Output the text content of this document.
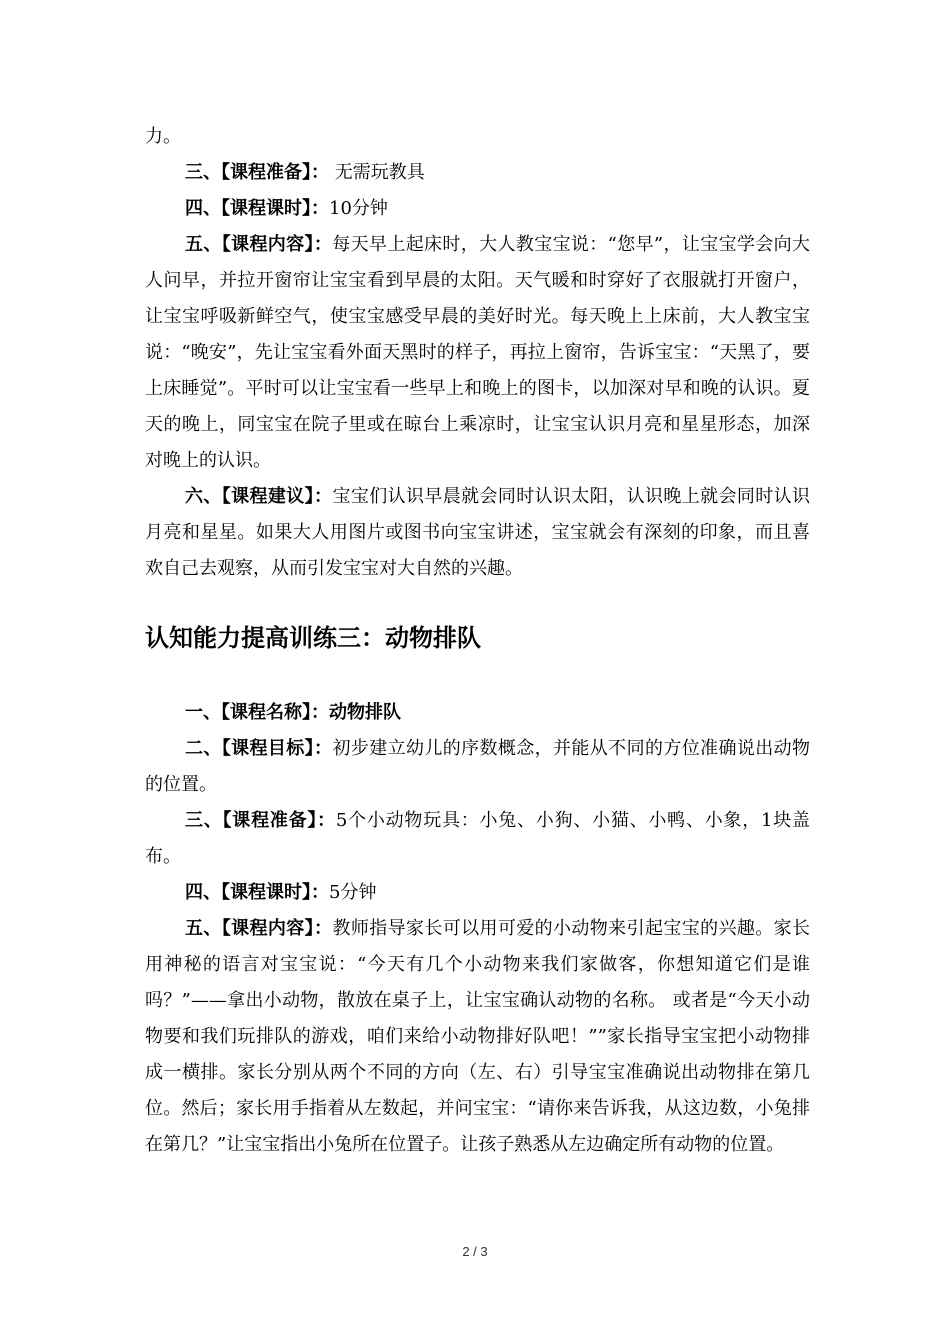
力。

三、【课程准备】： 无需玩教具

四、【课程课时】：10分钟

五、【课程内容】：每天早上起床时，大人教宝宝说：“您早”，让宝宝学会向大人问早，并拉开窗帘让宝宝看到早晨的太阳。天气暖和时穿好了衣服就打开窗户，让宝宝呼吸新鲜空气，使宝宝感受早晨的美好时光。每天晚上上床前，大人教宝宝说：“晚安”，先让宝宝看外面天黑时的样子，再拉上窗帘，告诉宝宝：“天黑了，要上床睡觉”。平时可以让宝宝看一些早上和晚上的图卡，以加深对早和晚的认识。夏天的晚上，同宝宝在院子里或在晾台上乘凉时，让宝宝认识月亮和星星形态，加深对晚上的认识。

六、【课程建议】：宝宝们认识早晨就会同时认识太阳，认识晚上就会同时认识月亮和星星。如果大人用图片或图书向宝宝讲述，宝宝就会有深刻的印象，而且喜欢自己去观察，从而引发宝宝对大自然的兴趣。

认知能力提高训练三：动物排队

一、【课程名称】：动物排队

二、【课程目标】：初步建立幼儿的序数概念，并能从不同的方位准确说出动物的位置。

三、【课程准备】：5个小动物玩具：小兔、小狗、小猫、小鸭、小象，1块盖布。

四、【课程课时】：5分钟

五、【课程内容】：教师指导家长可以用可爱的小动物来引起宝宝的兴趣。家长用神秘的语言对宝宝说：“今天有几个小动物来我们家做客，你想知道它们是谁吗？”——拿出小动物，散放在桌子上，让宝宝确认动物的名称。 或者是“今天小动物要和我们玩排队的游戏，咱们来给小动物排好队吧！””家长指导宝宝把小动物排成一横排。家长分别从两个不同的方向（左、右）引导宝宝准确说出动物排在第几位。然后；家长用手指着从左数起，并问宝宝：“请你来告诉我，从这边数，小兔排在第几？”让宝宝指出小兔所在位置子。让孩子熟悉从左边确定所有动物的位置。

2 / 3
